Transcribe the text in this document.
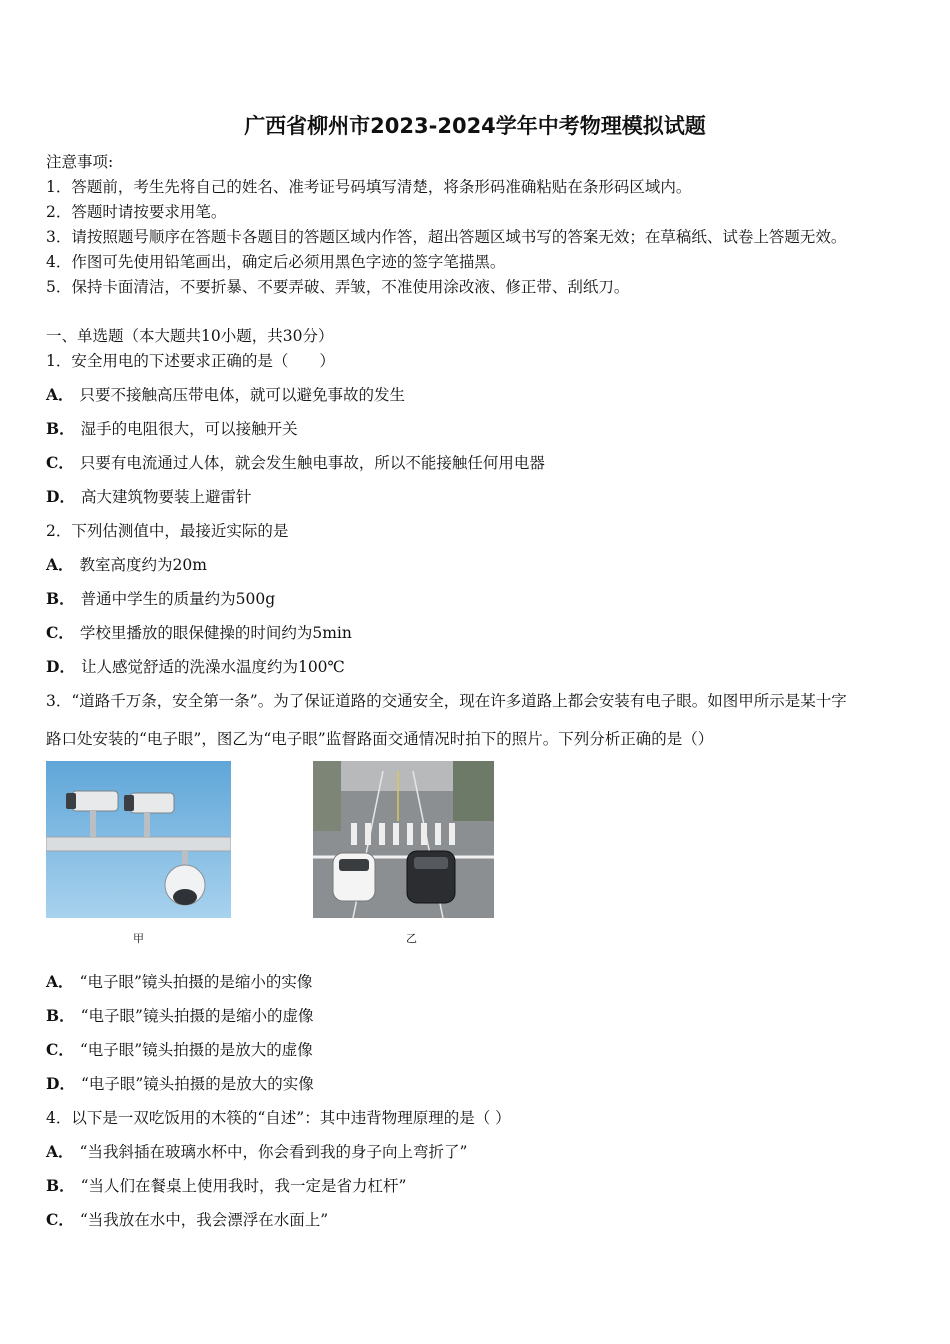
广西省柳州市2023-2024学年中考物理模拟试题
注意事项:
1．答题前，考生先将自己的姓名、准考证号码填写清楚，将条形码准确粘贴在条形码区域内。
2．答题时请按要求用笔。
3．请按照题号顺序在答题卡各题目的答题区域内作答，超出答题区域书写的答案无效；在草稿纸、试卷上答题无效。
4．作图可先使用铅笔画出，确定后必须用黑色字迹的签字笔描黑。
5．保持卡面清洁，不要折暴、不要弄破、弄皱，不准使用涂改液、修正带、刮纸刀。
一、单选题（本大题共10小题，共30分）
1．安全用电的下述要求正确的是（　　）
A． 只要不接触高压带电体，就可以避免事故的发生
B． 湿手的电阻很大，可以接触开关
C． 只要有电流通过人体，就会发生触电事故，所以不能接触任何用电器
D． 高大建筑物要装上避雷针
2．下列估测值中，最接近实际的是
A． 教室高度约为20m
B． 普通中学生的质量约为500g
C． 学校里播放的眼保健操的时间约为5min
D． 让人感觉舒适的洗澡水温度约为100℃
3．“道路千万条，安全第一条”。为了保证道路的交通安全，现在许多道路上都会安装有电子眼。如图甲所示是某十字
路口处安装的“电子眼”，图乙为“电子眼”监督路面交通情况时拍下的照片。下列分析正确的是（）
甲	乙
A． “电子眼”镜头拍摄的是缩小的实像
B． “电子眼”镜头拍摄的是缩小的虚像
C． “电子眼”镜头拍摄的是放大的虚像
D． “电子眼”镜头拍摄的是放大的实像
4．以下是一双吃饭用的木筷的“自述”：其中违背物理原理的是（ ）
A． “当我斜插在玻璃水杯中，你会看到我的身子向上弯折了”
B． “当人们在餐桌上使用我时，我一定是省力杠杆”
C． “当我放在水中，我会漂浮在水面上”
